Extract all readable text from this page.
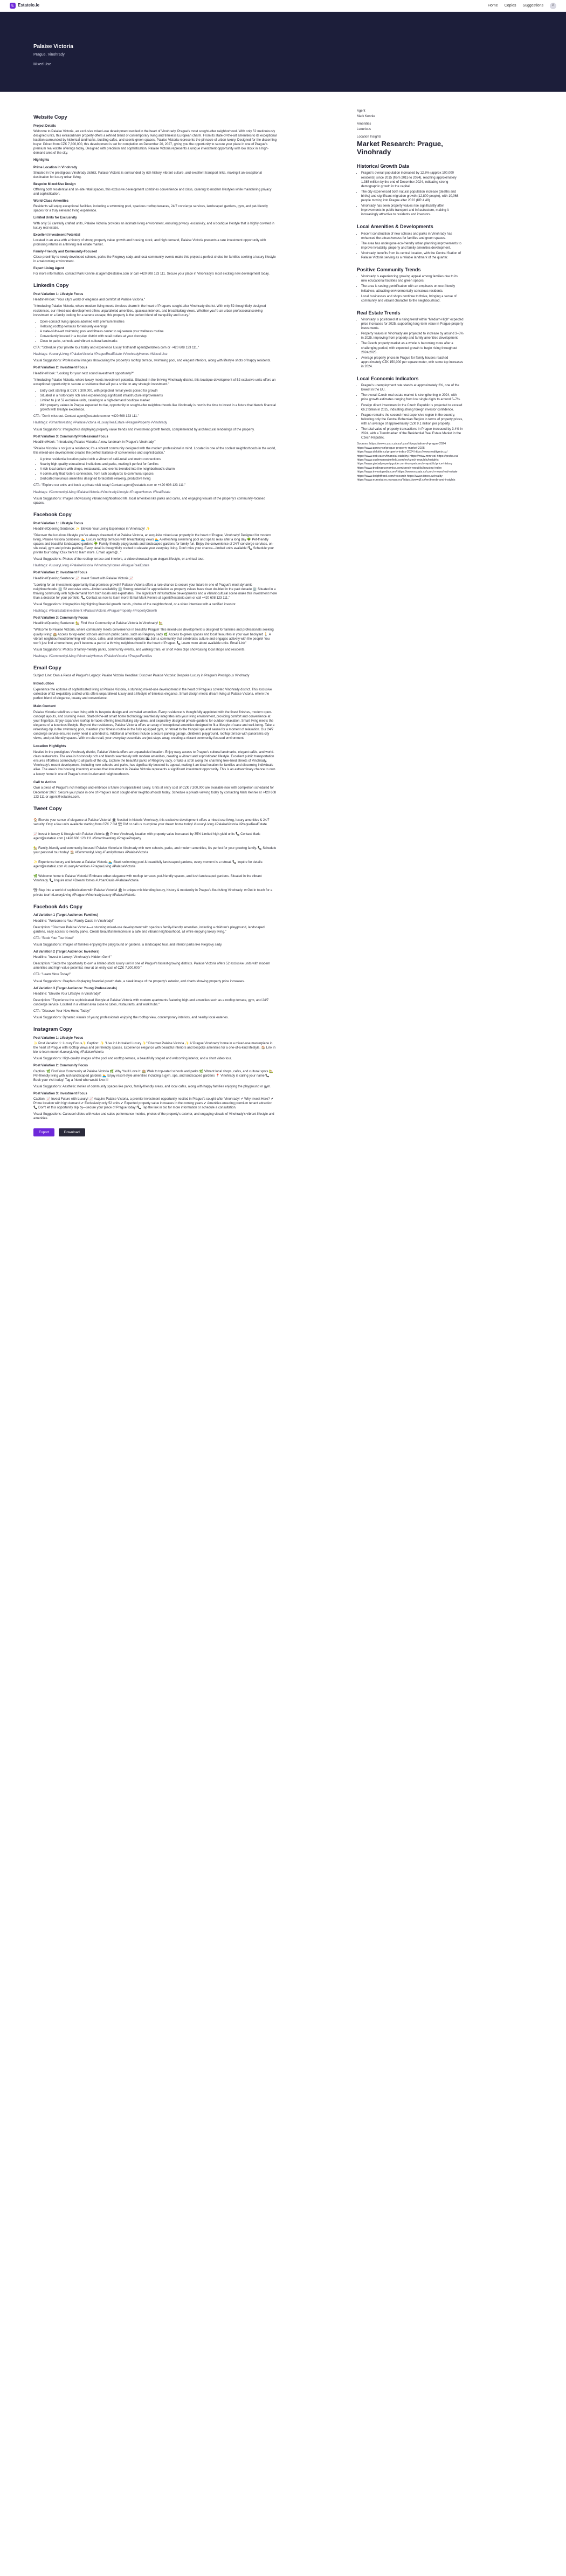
E Estateio.ie	Home Copies Suggestions	A
Palaise Victoria
Prague, Vinohrady
Mixed Use
Website Copy
Project Details

Welcome to Palaise Victoria, an exclusive mixed-use development nestled in the heart of Vinohrady, Prague's most sought-after neighborhood. With only 52 meticulously designed units, this extraordinary property offers a refined blend of contemporary living and timeless European charm. From its state-of-the-art amenities to its exceptional location surrounded by historical landmarks, bustling cafes, and scenic green spaces, Palaise Victoria represents the pinnacle of urban luxury. Designed for the discerning buyer. Priced from CZK 7,300,000, this development is set for completion on December 20, 2027, giving you the opportunity to secure your place in one of Prague's premium real estate offerings today. Designed with precision and sophistication, Palaise Victoria represents a unique investment opportunity with low stock in a high-demand area of the city.

Highlights
Prime Location in Vinohrady

Situated in the prestigious Vinohrady district, Palaise Victoria is surrounded by rich history, vibrant culture, and excellent transport links, making it an exceptional destination for luxury urban living.

Bespoke Mixed-Use Design

Offering both residential and on-site retail spaces, this exclusive development combines convenience and class, catering to modern lifestyles while maintaining privacy and sophistication.

World-Class Amenities

Residents will enjoy exceptional facilities, including a swimming pool, spacious rooftop terraces, 24/7 concierge services, landscaped gardens, gym, and pet-friendly spaces for a truly elevated living experience.

Limited Units for Exclusivity

With only 52 carefully crafted units, Palaise Victoria provides an intimate living environment, ensuring privacy, exclusivity, and a boutique lifestyle that is highly coveted in luxury real estate.

Excellent Investment Potential

Located in an area with a history of strong property value growth and housing stock, and high demand, Palaise Victoria presents a rare investment opportunity with promising returns in a thriving real estate market.

Family-Friendly and Community-Focused

Close proximity to newly developed schools, parks like Riegrovy sady, and local community events make this project a perfect choice for families seeking a luxury lifestyle in a welcoming environment.

Expert Living Agent

For more information, contact Mark Kennie at agent@estateio.com or call +420 608 123 111. Secure your place in Vinohrady's most exciting new development today.

LinkedIn Copy
Post Variation 1: Lifestyle Focus

Headline/Hook: "Your city's world of elegance and comfort at Palaise Victoria."

"Introducing Palaise Victoria, where modern living meets timeless charm in the heart of Prague's sought-after Vinohrady district. With only 52 thoughtfully designed residences, our mixed-use development offers unparalleled amenities, spacious interiors, and breathtaking views. Whether you're an urban professional seeking investment or a family looking for a serene escape, this property is the perfect blend of tranquillity and luxury."

• Open-concept living spaces adorned with premium finishes
• Relaxing rooftop terraces for leisurely evenings
• A state-of-the-art swimming pool and fitness center to rejuvenate your wellness routine
• Conveniently located in a top-tier district with retail outlets at your doorstep
• Close to parks, schools and vibrant cultural landmarks

CTA: "Schedule your private tour today and experience luxury firsthand! agent@estateio.com or +420 608 123 111."

Hashtags: #LuxuryLiving #PalaiseVictoria #PragueRealEstate #VinohradyHomes #Mixed-Use

Visual Suggestions: Professional images showcasing the property's rooftop terrace, swimming pool, and elegant interiors, along with lifestyle shots of happy residents.

Post Variation 2: Investment Focus

Headline/Hook: "Looking for your next sound investment opportunity?"

"Introducing Palaise Victoria, where luxury meets investment potential. Situated in the thriving Vinohrady district, this boutique development of 52 exclusive units offers an exceptional opportunity to secure a residence that will put a smile on any strategic investment."

• Entry cost starting at CZK 7,300,000, with projected rental yields poised for growth
• Situated in a historically rich area experiencing significant infrastructure improvements
• Limited to just 52 exclusive units, catering to a high-demand boutique market
• With property values in Prague expected to rise, opportunity in sought-after neighbourhoods like Vinohrady is now is the time to invest in a future that blends financial growth with lifestyle excellence.

CTA: "Don't miss out. Contact agent@estateio.com or +420 608 123 111."

Hashtags: #SmartInvesting #PalaiseVictoria #LuxuryRealEstate #PragueProperty #Vinohrady

Visual Suggestions: Infographics displaying property value trends and investment growth trends, complemented by architectural renderings of the property.

Post Variation 3: Community/Professional Focus

Headline/Hook: "Introducing Palaise Victoria: A new landmark in Prague's Vinohrady."

"Palaise Victoria is not just a residence; it's a vibrant community designed with the modern professional in mind. Located in one of the coolest neighborhoods in the world, this mixed-use development creates the perfect balance of convenience and sophistication."

• A prime residential location paired with a vibrant of café-retail and metro connections
• Nearby high-quality educational institutions and parks, making it perfect for families
• A rich local culture with shops, restaurants, and events blended into the neighborhood's charm
• A community that fosters connection, from lush courtyards to communal spaces
• Dedicated luxurious amenities designed to facilitate relaxing, productive living

CTA: "Explore our units and book a private visit today! Contact agent@estateio.com or +420 608 123 111."

Hashtags: #CommunityLiving #PalaiseVictoria #VinohradyLifestyle #PragueHomes #RealEstate

Visual Suggestions: Images showcasing vibrant neighborhood life, local amenities like parks and cafes, and engaging visuals of the property's community-focused spaces.

Facebook Copy
Post Variation 1: Lifestyle Focus

Headline/Opening Sentence: ✨ Elevate Your Living Experience in Vinohrady! ✨

"Discover the luxurious lifestyle you've always dreamed of at Palaise Victoria, an exquisite mixed-use property in the heart of Prague, Vinohrady! Designed for modern living, Palaise Victoria combines: 🏊 Luxury rooftop terraces with breathtaking views 🏊 A refreshing swimming pool and spa to relax after a long day 🌳 Pet-friendly spaces and beautiful landscaped gardens 🌳 Family-friendly playgrounds and landscaped gardens for family fun. Enjoy the convenience of 24/7 concierge services, on-site retail, gym and private parking. Every detail is thoughtfully crafted to elevate your everyday living. Don't miss your chance—limited units available! 📞 Schedule your private tour today! Click here to learn more. Email: agent@..."

Visual Suggestions: Photos of the rooftop terrace and interiors, a video showcasing an elegant lifestyle, or a virtual tour.

Hashtags: #LuxuryLiving #PalaiseVictoria #VinohradyHomes #PragueRealEstate

Post Variation 2: Investment Focus

Headline/Opening Sentence: 📈 Invest Smart with Palaise Victoria 📈

"Looking for an investment opportunity that promises growth? Palaise Victoria offers a rare chance to secure your future in one of Prague's most dynamic neighbourhoods: 🏢 52 exclusive units—limited availability 🏢 Strong potential for appreciation as property values have risen doubled in the past decade 🏢 Situated in a thriving community with high-demand from both locals and expatriates. The significant infrastructure developments and a vibrant cultural scene make this investment more than a decision for your portfolio. 📞 Contact us now to learn more! Email Mark Kennie at agent@estateio.com or call +420 608 123 111."

Visual Suggestions: Infographics highlighting financial growth trends, photos of the neighborhood, or a video interview with a certified investor.

Hashtags: #RealEstateInvestment #PalaiseVictoria #PragueProperty #PropertyGrowth

Post Variation 3: Community Focus

Headline/Opening Sentence: 🏡 Find Your Community at Palaise Victoria in Vinohrady! 🏡

"Welcome to Palaise Victoria, where community meets convenience in beautiful Prague! This mixed-use development is designed for families and professionals seeking quality living: 🏫 Access to top-rated schools and lush public parks, such as Riegrovy sady 🌿 Access to green spaces and local favourites in your own backyard 🚶 A vibrant neighbourhood brimming with shops, cafes, and entertainment options 🏙 Join a community that celebrates culture and engages actively with the people! You won't just find a home here; you'll become a part of a thriving neighbourhood in the heart of Prague. 📞 Learn more about available units. Email Link"

Visual Suggestions: Photos of family-friendly parks, community events, and walking trails, or short video clips showcasing local shops and residents.

Hashtags: #CommunityLiving #VinohradyHomes #PalaiseVictoria #PragueFamilies

Email Copy

Subject Line: Own a Piece of Prague's Legacy: Palaise Victoria Headline: Discover Palaise Victoria: Bespoke Luxury in Prague's Prestigious Vinohrady

Introduction

Experience the epitome of sophisticated living at Palaise Victoria, a stunning mixed-use development in the heart of Prague's coveted Vinohrady district. This exclusive collection of 52 exquisitely crafted units offers unparalleled luxury and a lifestyle of timeless elegance. Smart design meets dream living at Palaise Victoria, where the perfect blend of elegance, beauty and convenience.

Main Content

Palaise Victoria redefines urban living with its bespoke design and unrivaled amenities. Every residence is thoughtfully appointed with the finest finishes, modern open-concept layouts, and stunning views. Start-of-the-art smart home technology seamlessly integrates into your living environment, providing comfort and convenience at your fingertips. Enjoy expansive rooftop terraces offering breathtaking city views, and exquisitely designed private gardens for outdoor relaxation. Smart living meets the elegance of a luxurious lifestyle. Beyond the residences, Palaise Victoria offers an array of exceptional amenities designed to fit a lifestyle of ease and well-being. Take a refreshing dip in the swimming pool, maintain your fitness routine in the fully equipped gym, or retreat to the tranquil spa and sauna for a moment of relaxation. Our 24/7 concierge service ensures every need is attended to. Additional amenities include a secure parking garage, children's playground, rooftop terrace with panoramic city views, and pet-friendly spaces. With on-site retail, your everyday essentials are just steps away, creating a vibrant community-focused environment.

Location Highlights

Nestled in the prestigious Vinohrady district, Palaise Victoria offers an unparalleled location. Enjoy easy access to Prague's cultural landmarks, elegant cafés, and world-class restaurants. The area is historically rich and blends seamlessly with modern amenities, creating a vibrant and sophisticated lifestyle. Excellent public transportation ensures effortless connectivity to all parts of the city. Explore the beautiful parks of Riegrovy sady, or take a stroll along the charming tree-lined streets of Vinohrady. Vinohrady's recent development, including new schools and parks, has significantly boosted its appeal, making it an ideal location for families and discerning individuals alike. The area's low housing inventory ensures that investment in Palaise Victoria represents a significant investment opportunity. This is an extraordinary chance to own a luxury home in one of Prague's most in-demand neighbourhoods.

Call to Action

Own a piece of Prague's rich heritage and embrace a future of unparalleled luxury. Units at entry cost of CZK 7,300,000 are available now with completion scheduled for December 2027. Secure your place in one of Prague's most sought-after neighbourhoods today. Schedule a private viewing today by contacting Mark Kennie at +420 608 123 111 or agent@estateio.com.

Tweet Copy

🏠 Elevate your sense of elegance at Palaise Victoria! 🏛 Nestled in historic Vinohrady, this exclusive development offers a mixed-use living, luxury amenities & 24/7 security. Only a few units available starting from CZK 7.3M 🏗 DM or call us to explore your dream home today! #LuxuryLiving #PalaiseVictoria #PragueRealEstate

📈 Invest in luxury & lifestyle with Palaise Victoria 🏛 Prime Vinohrady location with property value increased by 35% Limited high-yield units 📞 Contact Mark: agent@estateio.com | +420 608 123 111 #SmartInvesting #PragueProperty

🏡 Family-friendly and community-focused! Palaise Victoria in Vinohrady with new schools, parks, and modern amenities, it's perfect for your growing family. 📞 Schedule your personal tour today! 🏠 #CommunityLiving #FamilyHomes #PalaiseVictoria

✨ Experience luxury and leisure at Palaise Victoria 🏊 Sleek swimming pool & beautifully landscaped gardens, every moment is a retreat. 📞 Inquire for details: agent@estateio.com #LuxuryAmenities #PragueLiving #PalaiseVictoria

🌿 Welcome home to Palaise Victoria! Embrace urban elegance with rooftop terraces, pet-friendly spaces, and lush landscaped gardens. Situated in the vibrant Vinohrady. 📞 Inquire now! #DreamHomes #UrbanOasis #PalaiseVictoria

🏗 Step into a world of sophistication with Palaise Victoria! 🏛 In unique mix blending luxury, history & modernity in Prague's flourishing Vinohrady. ✉ Get in touch for a private tour! #LuxuryLiving #Prague #VinohradyLuxury #PalaiseVictoria

Facebook Ads Copy
Ad Variation 1 (Target Audience: Families)

Headline: "Welcome to Your Family Oasis in Vinohrady!"

Description: "Discover Palaise Victoria—a stunning mixed-use development with spacious family-friendly amenities, including a children's playground, landscaped gardens, easy access to nearby parks. Create beautiful memories in a safe and vibrant neighbourhood, all while enjoying luxury living."

CTA: "Book Your Tour Now!"

Visual Suggestions: Images of families enjoying the playground or gardens, a landscaped tour, and interior parks like Riegrovy sady.

Ad Variation 2 (Target Audience: Investors)

Headline: "Invest in Luxury: Vinohrady's Hidden Gem!"

Description: "Seize the opportunity to own a limited-stock luxury unit in one of Prague's fastest-growing districts. Palaise Victoria offers 52 exclusive units with modern amenities and high-value potential, now at an entry cost of CZK 7,300,000."

CTA: "Learn More Today!"

Visual Suggestions: Graphics displaying financial growth data, a sleek image of the property's exterior, and charts showing property price increases.

Ad Variation 3 (Target Audience: Young Professionals)

Headline: "Elevate Your Lifestyle in Vinohrady!"

Description: "Experience the sophisticated lifestyle at Palaise Victoria with modern apartments featuring high-end amenities such as a rooftop terrace, gym, and 24/7 concierge service. Located in a vibrant area close to cafes, restaurants, and work hubs."

CTA: "Discover Your New Home Today!"

Visual Suggestions: Dynamic visuals of young professionals enjoying the rooftop view, contemporary interiors, and nearby local eateries.

Instagram Copy
Post Variation 1: Lifestyle Focus

✨ Post Variation 1: Luxury Focus✨ Caption: ✨ "Live in Unrivalled Luxury ✨" Discover Palaise Victoria ✨ A 'Prague Vinohrady' home in a mixed-use masterpiece in the heart of Prague with rooftop views and pet-friendly spaces. Experience elegance with beautiful interiors and bespoke amenities for a one-of-a-kind lifestyle. 🏠 Link in bio to learn more! #LuxuryLiving #PalaiseVictoria

Visual Suggestions: High-quality images of the pool and rooftop terrace, a beautifully staged and welcoming interior, and a short video tour.

Post Variation 2: Community Focus

Caption: 🌿 Find Your Community at Palaise Victoria 🌿 Why You'll Love It: 🏫 Walk to top-rated schools and parks 🌿 Vibrant local shops, cafes, and cultural spots 🏡 Pet-friendly living with lush landscaped gardens 🏊 Enjoy resort-style amenities including a gym, spa, and landscaped gardens 📍 Vinohrady is calling your name 📞 Book your visit today! Tag a friend who would love it!

Visual Suggestions: Aesthetic stories of community spaces like parks, family-friendly areas, and local cafes, along with happy families enjoying the playground or gym.

Post Variation 3: Investment Focus

Caption: 📈 Invest Future with Luxury! 📈 Acquire Palaise Victoria, a premier investment opportunity nestled in Prague's sought-after Vinohrady! ✔ Why Invest Here? ✔ Prime location with high demand ✔ Exclusively only 52 units ✔ Expected property value increases in the coming years ✔ Amenities ensuring premium tenant attraction 📞 Don't let this opportunity slip by—secure your piece of Prague today! 📞 Tap the link in bio for more information or schedule a consultation.

Visual Suggestions: Carousel slides with value and sales performance metrics, photos of the property's exterior, and engaging visuals of Vinohrady's vibrant lifestyle and amenities.

Export	Download
Agent
Mark Kennie
Amenities
Luxurious
Location Insights
Market Research: Prague, Vinohrady
Historical Growth Data
• Prague's overall population increased by 12.6% (approx 100,000 residents) since 2015 (from 2015 to 2024), reaching approximately 1.385 million by the end of December 2024, indicating strong demographic growth in the capital.
• The city experienced both natural population increase (deaths and births) and significant migration growth (12,800 people), with 10,068 people moving into Prague after 2022 (KR 4 48)
• Vinohrady has seen property values rise significantly after improvements in public transport and infrastructure, making it increasingly attractive to residents and investors.
Local Amenities & Developments
• Recent construction of new schools and parks in Vinohrady has enhanced the attractiveness for families and green spaces.
• The area has undergone eco-friendly urban planning improvements to improve liveability, property and family amenities development.
• Vinohrady benefits from its central location, with the Central Station of Palaise Victoria serving as a reliable landmark of the quarter.
Positive Community Trends
• Vinohrady is experiencing growing appeal among families due to its new educational facilities and green spaces.
• The area is seeing gentrification with an emphasis on eco-friendly initiatives, attracting environmentally conscious residents.
• Local businesses and shops continue to thrive, bringing a sense of community and vibrant character to the neighbourhood.
Real Estate Trends
• Vinohrady is positioned at a rising trend within "Medium-High" expected price increases for 2025, supporting long-term value in Prague property investments.
• Property values in Vinohrady are projected to increase by around 3–5% in 2025, improving from property and family amenities development.
• The Czech property market as a whole is becoming more after a challenging period, with expected growth to begin rising throughout 2024/2025.
• Average property prices in Prague for family houses reached approximately CZK 150,000 per square meter, with some top increases in 2024.
Local Economic Indicators
• Prague's unemployment rate stands at approximately 2%, one of the lowest in the EU.
• The overall Czech real estate market is strengthening in 2024, with price growth estimates ranging from low single digits to around 5–7%.
• Foreign direct investment in the Czech Republic is projected to exceed €6.2 billion in 2025, indicating strong foreign investor confidence.
• Prague remains the second most expensive region in the country, following only the Central Bohemian Region in terms of property prices, with an average of approximately CZK 9.1 million per property.
• The total value of property transactions in Prague increased by 3.4% in 2024, with a Trendmarker of the Residential Real Estate Market in the Czech Republic.

Sources: https://www.czso.cz/csu/czso/ri/population-of-prague-2024 https://www.zpravy.cz/prague-property-market-2025 https://www.deloitte.cz/property-index-2024 https://www.realitymix.cz/ https://www.cnb.cz/en/financial-stability/ https://www.mmr.cz/ https://praha.eu/ https://www.cushmanwakefield.com/en/czech-republic/insights https://www.globalpropertyguide.com/europe/czech-republic/price-history https://www.tradingeconomics.com/czech-republic/housing-index https://www.investopedia.com/ https://www.expats.cz/czech-news/real-estate https://www.knightfrank.com/research https://www.idnes.cz/reality https://www.eurostat.ec.europa.eu/ https://www.jll.cz/en/trends-and-insights
